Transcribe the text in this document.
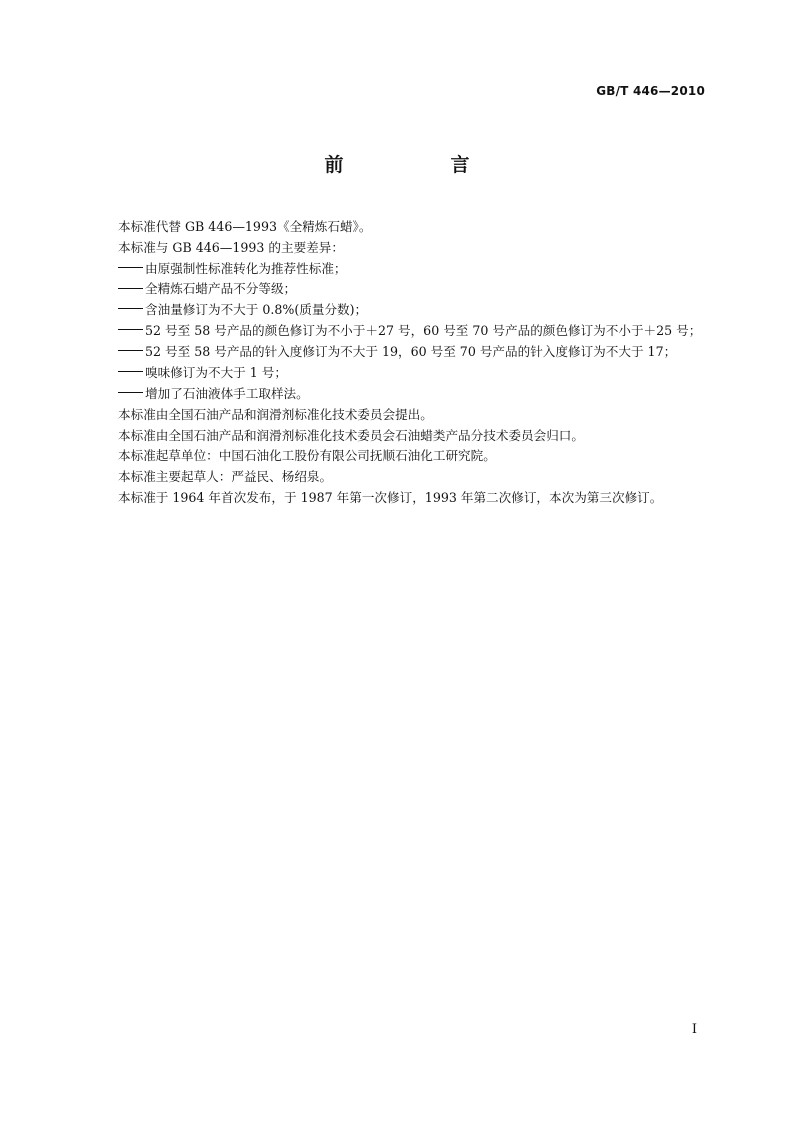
GB/T 446—2010
前　言

本标准代替 GB 446—1993《全精炼石蜡》。

本标准与 GB 446—1993 的主要差异：

由原强制性标准转化为推荐性标准；

全精炼石蜡产品不分等级；

含油量修订为不大于 0.8%(质量分数)；

52 号至 58 号产品的颜色修订为不小于＋27 号，60 号至 70 号产品的颜色修订为不小于＋25 号；

52 号至 58 号产品的针入度修订为不大于 19，60 号至 70 号产品的针入度修订为不大于 17；

嗅味修订为不大于 1 号；

增加了石油液体手工取样法。

本标准由全国石油产品和润滑剂标准化技术委员会提出。

本标准由全国石油产品和润滑剂标准化技术委员会石油蜡类产品分技术委员会归口。

本标准起草单位：中国石油化工股份有限公司抚顺石油化工研究院。

本标准主要起草人：严益民、杨绍泉。

本标准于 1964 年首次发布，于 1987 年第一次修订，1993 年第二次修订，本次为第三次修订。

I
